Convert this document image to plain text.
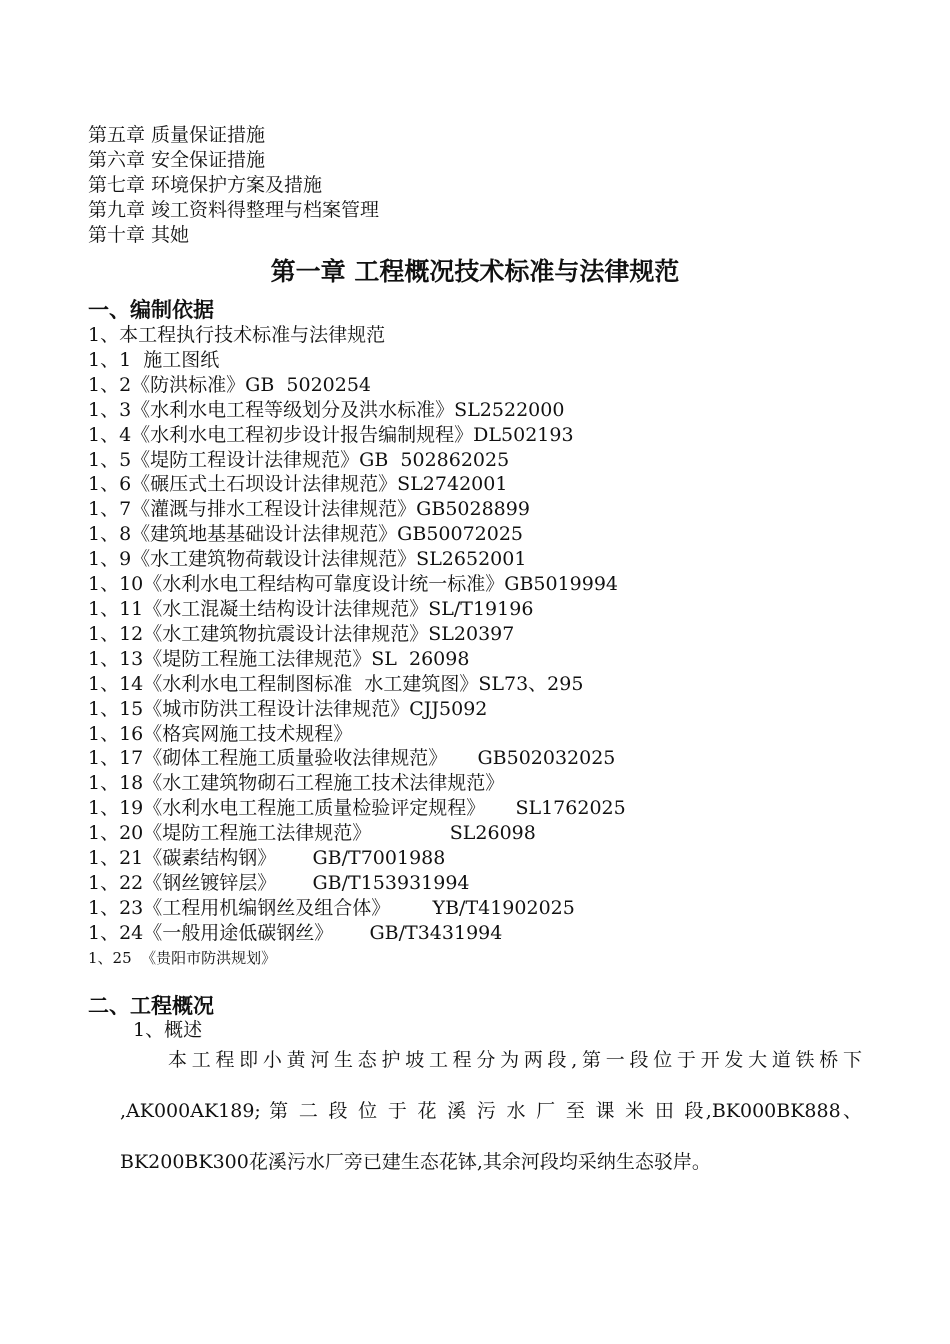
第五章 质量保证措施
第六章 安全保证措施
第七章 环境保护方案及措施
第九章 竣工资料得整理与档案管理
第十章 其她
第一章 工程概况技术标准与法律规范
一、编制依据
1、本工程执行技术标准与法律规范
1、1  施工图纸
1、2《防洪标准》GB  5020254
1、3《水利水电工程等级划分及洪水标准》SL2522000
1、4《水利水电工程初步设计报告编制规程》DL502193
1、5《堤防工程设计法律规范》GB  502862025
1、6《碾压式土石坝设计法律规范》SL2742001
1、7《灌溉与排水工程设计法律规范》GB5028899
1、8《建筑地基基础设计法律规范》GB50072025
1、9《水工建筑物荷载设计法律规范》SL2652001
1、10《水利水电工程结构可靠度设计统一标准》GB5019994
1、11《水工混凝土结构设计法律规范》SL/T19196
1、12《水工建筑物抗震设计法律规范》SL20397
1、13《堤防工程施工法律规范》SL  26098
1、14《水利水电工程制图标准  水工建筑图》SL73、295
1、15《城市防洪工程设计法律规范》CJJ5092
1、16《格宾网施工技术规程》
1、17《砌体工程施工质量验收法律规范》     GB502032025
1、18《水工建筑物砌石工程施工技术法律规范》
1、19《水利水电工程施工质量检验评定规程》     SL1762025
1、20《堤防工程施工法律规范》             SL26098
1、21《碳素结构钢》      GB/T7001988
1、22《钢丝镀锌层》      GB/T153931994
1、23《工程用机编钢丝及组合体》       YB/T41902025
1、24《一般用途低碳钢丝》      GB/T3431994
1、25  《贵阳市防洪规划》
二、工程概况
1、概述
本工程即小黄河生态护坡工程分为两段,第一段位于开发大道铁桥下 ,AK000AK189; 第 二 段 位 于 花 溪 污 水 厂 至 课 米 田 段,BK000BK888、BK200BK300花溪污水厂旁已建生态花钵,其余河段均采纳生态驳岸。
